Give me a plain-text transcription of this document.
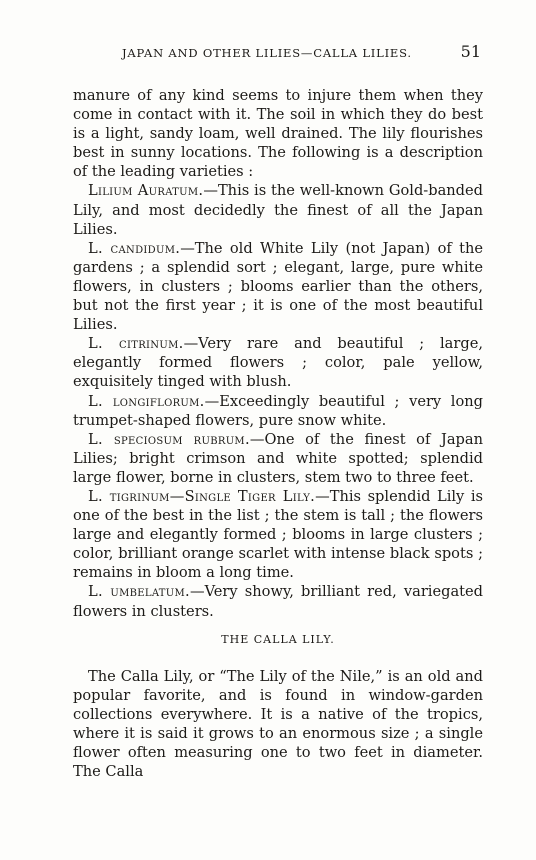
JAPAN AND OTHER LILIES—CALLA LILIES.	51

manure of any kind seems to injure them when they come in contact with it. The soil in which they do best is a light, sandy loam, well drained. The lily flourishes best in sunny locations. The following is a description of the leading varieties :

Lilium Auratum.—This is the well-known Gold-banded Lily, and most decidedly the finest of all the Japan Lilies.

L. candidum.—The old White Lily (not Japan) of the gardens ; a splendid sort ; elegant, large, pure white flowers, in clusters ; blooms earlier than the others, but not the first year ; it is one of the most beautiful Lilies.

L. citrinum.—Very rare and beautiful ; large, elegantly formed flowers ; color, pale yellow, exquisitely tinged with blush.

L. longiflorum.—Exceedingly beautiful ; very long trumpet-shaped flowers, pure snow white.

L. speciosum rubrum.—One of the finest of Japan Lilies; bright crimson and white spotted; splendid large flower, borne in clusters, stem two to three feet.

L. tigrinum—Single Tiger Lily.—This splendid Lily is one of the best in the list ; the stem is tall ; the flowers large and elegantly formed ; blooms in large clusters ; color, brilliant orange scarlet with intense black spots ; remains in bloom a long time.

L. umbelatum.—Very showy, brilliant red, variegated flowers in clusters.

THE CALLA LILY.

The Calla Lily, or “The Lily of the Nile,” is an old and popular favorite, and is found in window-garden collections everywhere. It is a native of the tropics, where it is said it grows to an enormous size ; a single flower often measuring one to two feet in diameter. The Calla
